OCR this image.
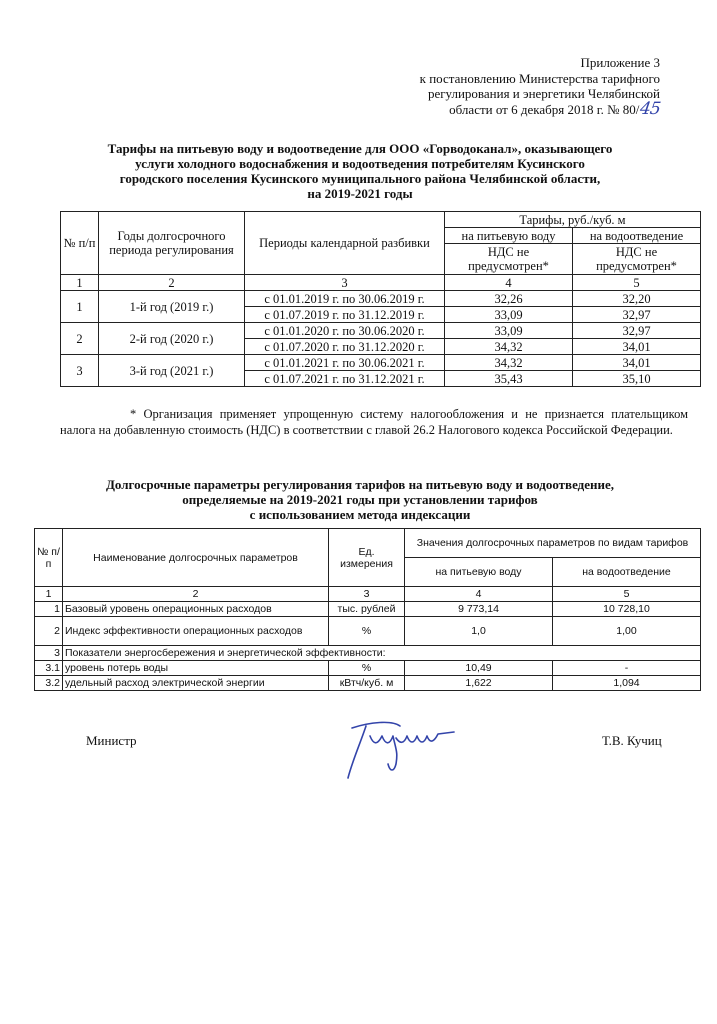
Приложение 3
к постановлению Министерства тарифного
регулирования и энергетики Челябинской
области от 6 декабря 2018 г. № 80/45
Тарифы на питьевую воду и водоотведение для ООО «Горводоканал», оказывающего
услуги холодного водоснабжения и водоотведения потребителям Кусинского
городского поселения Кусинского муниципального района Челябинской области,
на 2019-2021 годы
№ п/п	Годы долгосрочного периода регулирования	Периоды календарной разбивки	Тарифы, руб./куб. м	
			на питьевую воду	на водоотведение
			НДС не предусмотрен*	НДС не предусмотрен*
1	2	3	4	5
1	1-й год (2019 г.)	с 01.01.2019 г. по 30.06.2019 г.	32,26	32,20
		с 01.07.2019 г. по 31.12.2019 г.	33,09	32,97
2	2-й год (2020 г.)	с 01.01.2020 г. по 30.06.2020 г.	33,09	32,97
		с 01.07.2020 г. по 31.12.2020 г.	34,32	34,01
3	3-й год (2021 г.)	с 01.01.2021 г. по 30.06.2021 г.	34,32	34,01
		с 01.07.2021 г. по 31.12.2021 г.	35,43	35,10
* Организация применяет упрощенную систему налогообложения и не признается плательщиком налога на добавленную стоимость (НДС) в соответствии с главой 26.2 Налогового кодекса Российской Федерации.
Долгосрочные параметры регулирования тарифов на питьевую воду и водоотведение,
определяемые на 2019-2021 годы при установлении тарифов
с использованием метода индексации
№ п/п	Наименование долгосрочных параметров	Ед. измерения	Значения долгосрочных параметров по видам тарифов	
			на питьевую воду	на водоотведение
1	2	3	4	5
1	Базовый уровень операционных расходов	тыс. рублей	9 773,14	10 728,10
2	Индекс эффективности операционных расходов	%	1,0	1,00
3	Показатели энергосбережения и энергетической эффективности:			
3.1	уровень потерь воды	%	10,49	-
3.2	удельный расход электрической энергии	кВтч/куб. м	1,622	1,094
Министр	Т.В. Кучиц
